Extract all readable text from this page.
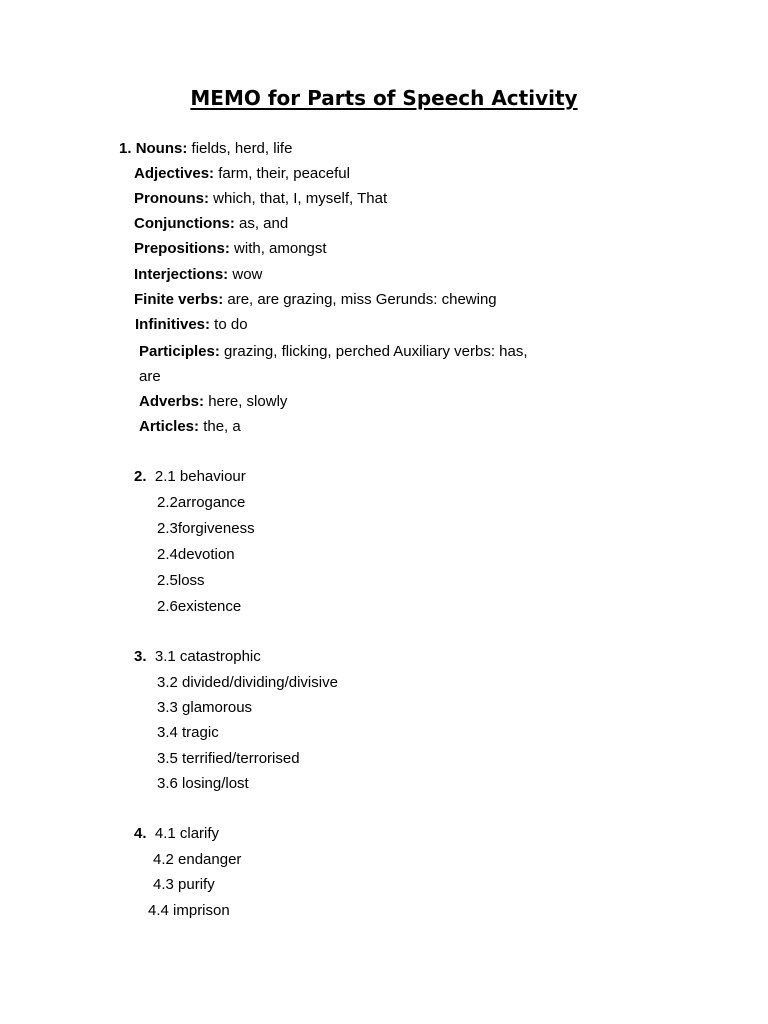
MEMO for Parts of Speech Activity
1. Nouns: fields, herd, life
Adjectives: farm, their, peaceful
Pronouns: which, that, I, myself, That
Conjunctions: as, and
Prepositions: with, amongst
Interjections: wow
Finite verbs: are, are grazing, miss Gerunds: chewing
Infinitives: to do
Participles: grazing, flicking, perched Auxiliary verbs: has,
are
Adverbs: here, slowly
Articles: the, a
2. 2.1 behaviour
2.2arrogance
2.3forgiveness
2.4devotion
2.5loss
2.6existence
3. 3.1 catastrophic
3.2 divided/dividing/divisive
3.3 glamorous
3.4 tragic
3.5 terrified/terrorised
3.6 losing/lost
4. 4.1 clarify
4.2 endanger
4.3 purify
4.4 imprison
